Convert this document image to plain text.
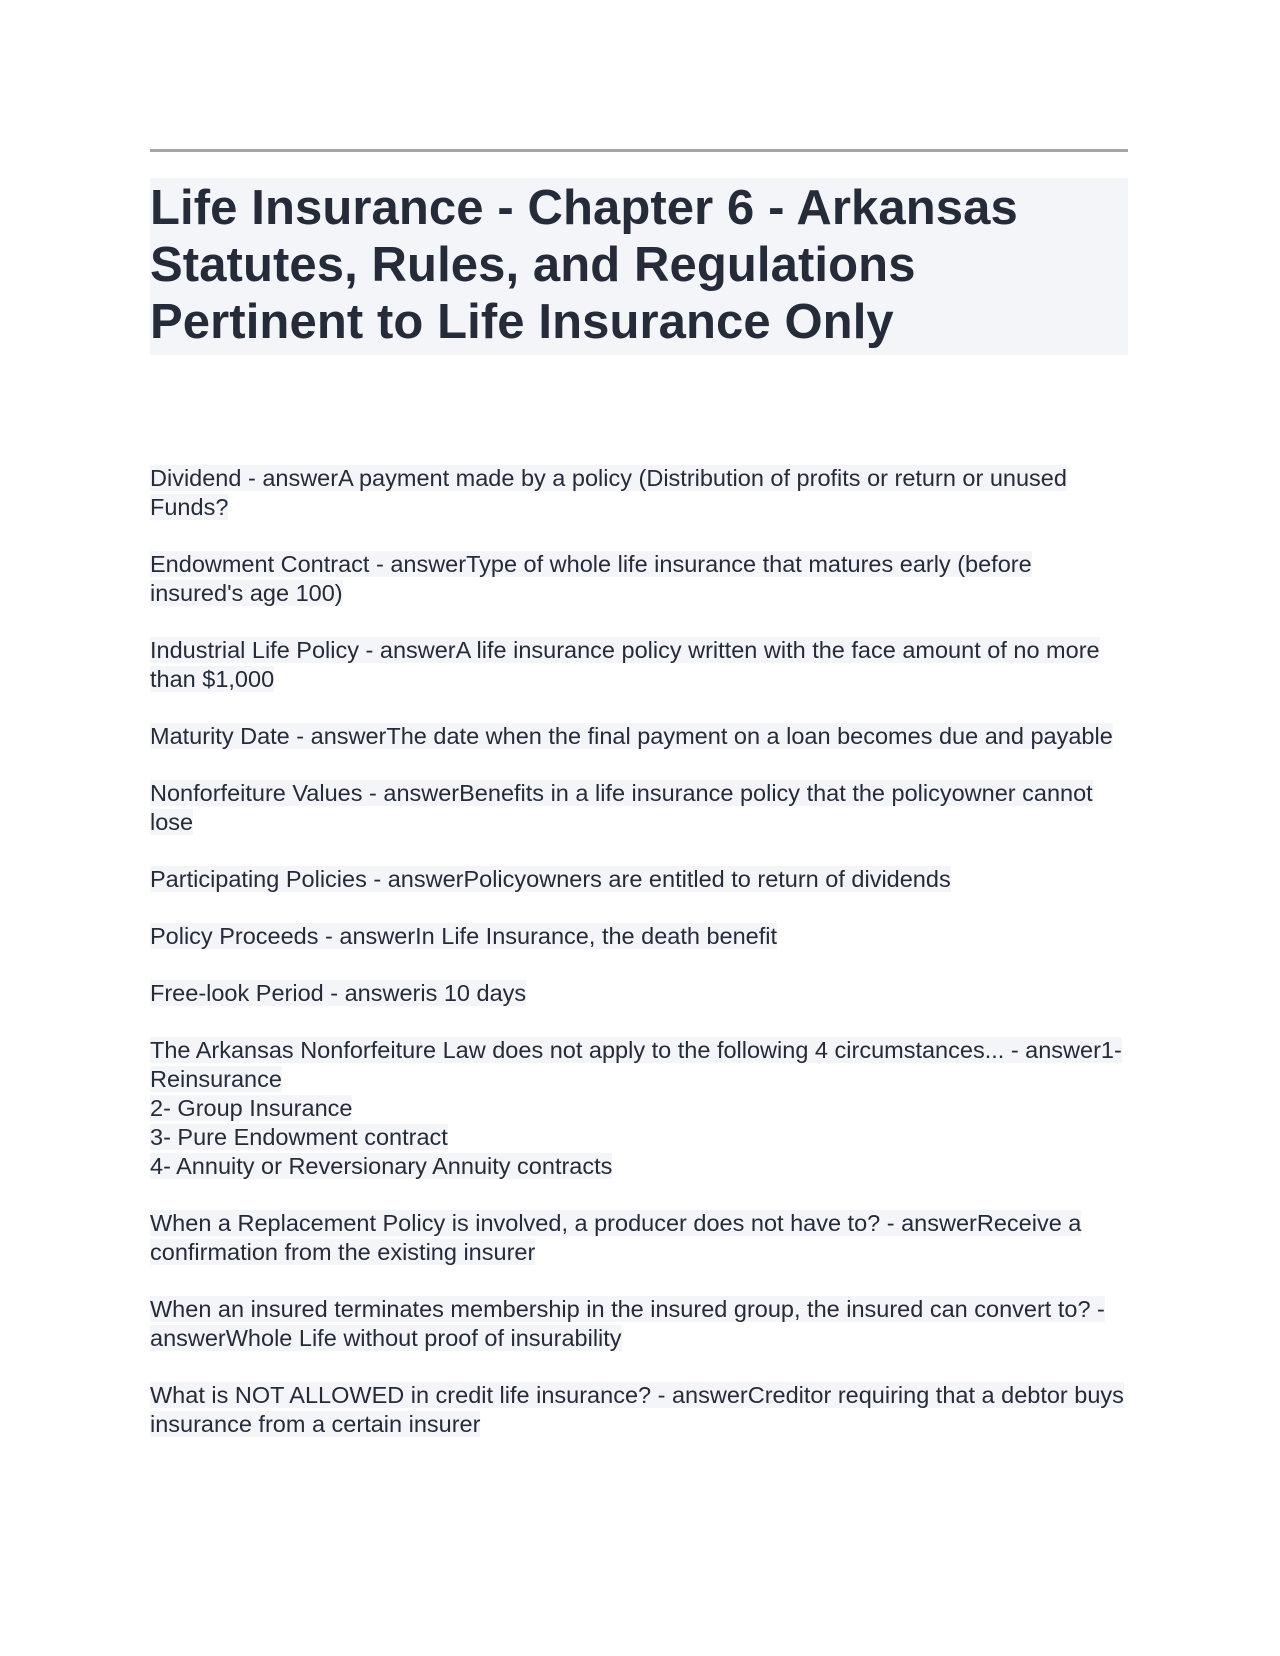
Life Insurance - Chapter 6 - Arkansas Statutes, Rules, and Regulations Pertinent to Life Insurance Only

Dividend - answerA payment made by a policy (Distribution of profits or return or unused Funds?

Endowment Contract - answerType of whole life insurance that matures early (before insured's age 100)

Industrial Life Policy - answerA life insurance policy written with the face amount of no more than $1,000

Maturity Date - answerThe date when the final payment on a loan becomes due and payable

Nonforfeiture Values - answerBenefits in a life insurance policy that the policyowner cannot lose

Participating Policies - answerPolicyowners are entitled to return of dividends

Policy Proceeds - answerIn Life Insurance, the death benefit

Free-look Period - answeris 10 days

The Arkansas Nonforfeiture Law does not apply to the following 4 circumstances... - answer1- Reinsurance
2- Group Insurance
3- Pure Endowment contract
4- Annuity or Reversionary Annuity contracts

When a Replacement Policy is involved, a producer does not have to? - answerReceive a confirmation from the existing insurer

When an insured terminates membership in the insured group, the insured can convert to? - answerWhole Life without proof of insurability

What is NOT ALLOWED in credit life insurance? - answerCreditor requiring that a debtor buys insurance from a certain insurer
